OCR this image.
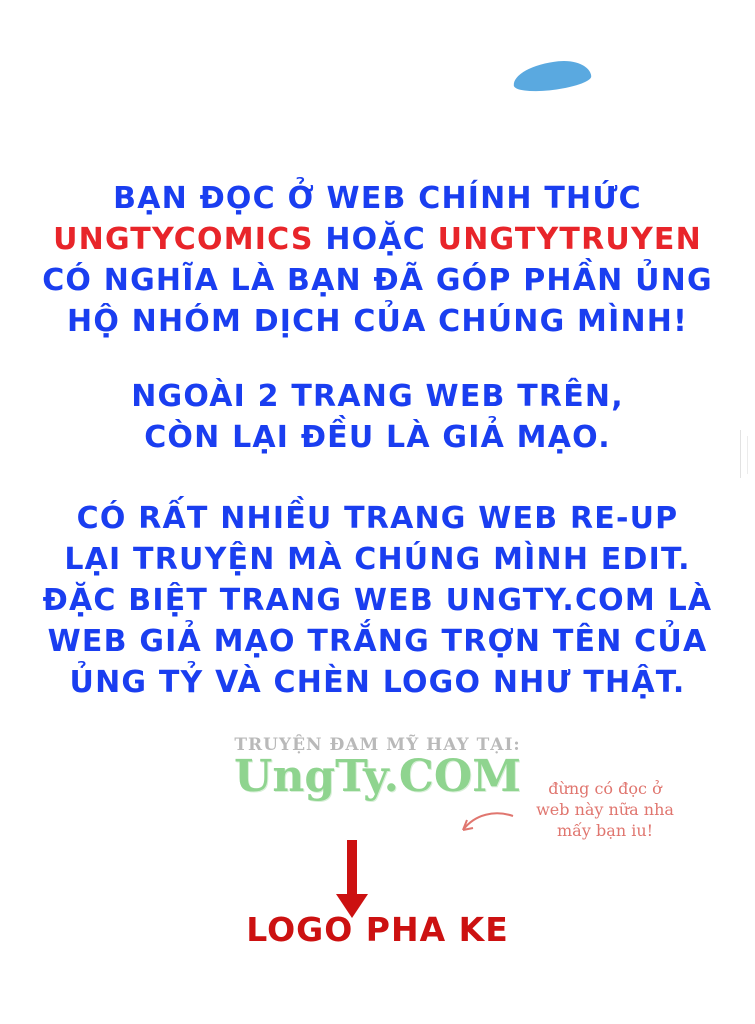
BẠN ĐỌC Ở WEB CHÍNH THỨC
UNGTYCOMICS HOẶC UNGTYTRUYEN
CÓ NGHĨA LÀ BẠN ĐÃ GÓP PHẦN ỦNG
HỘ NHÓM DỊCH CỦA CHÚNG MÌNH!
NGOÀI 2 TRANG WEB TRÊN,
CÒN LẠI ĐỀU LÀ GIẢ MẠO.
CÓ RẤT NHIỀU TRANG WEB RE-UP
LẠI TRUYỆN MÀ CHÚNG MÌNH EDIT.
ĐẶC BIỆT TRANG WEB UNGTY.COM LÀ
WEB GIẢ MẠO TRẮNG TRỢN TÊN CỦA
ỦNG TỶ VÀ CHÈN LOGO NHƯ THẬT.
TRUYỆN ĐAM MỸ HAY TẠI:
UngTy.COM	đừng có đọc ở
web này nữa nha
mấy bạn iu!
LOGO PHA KE
